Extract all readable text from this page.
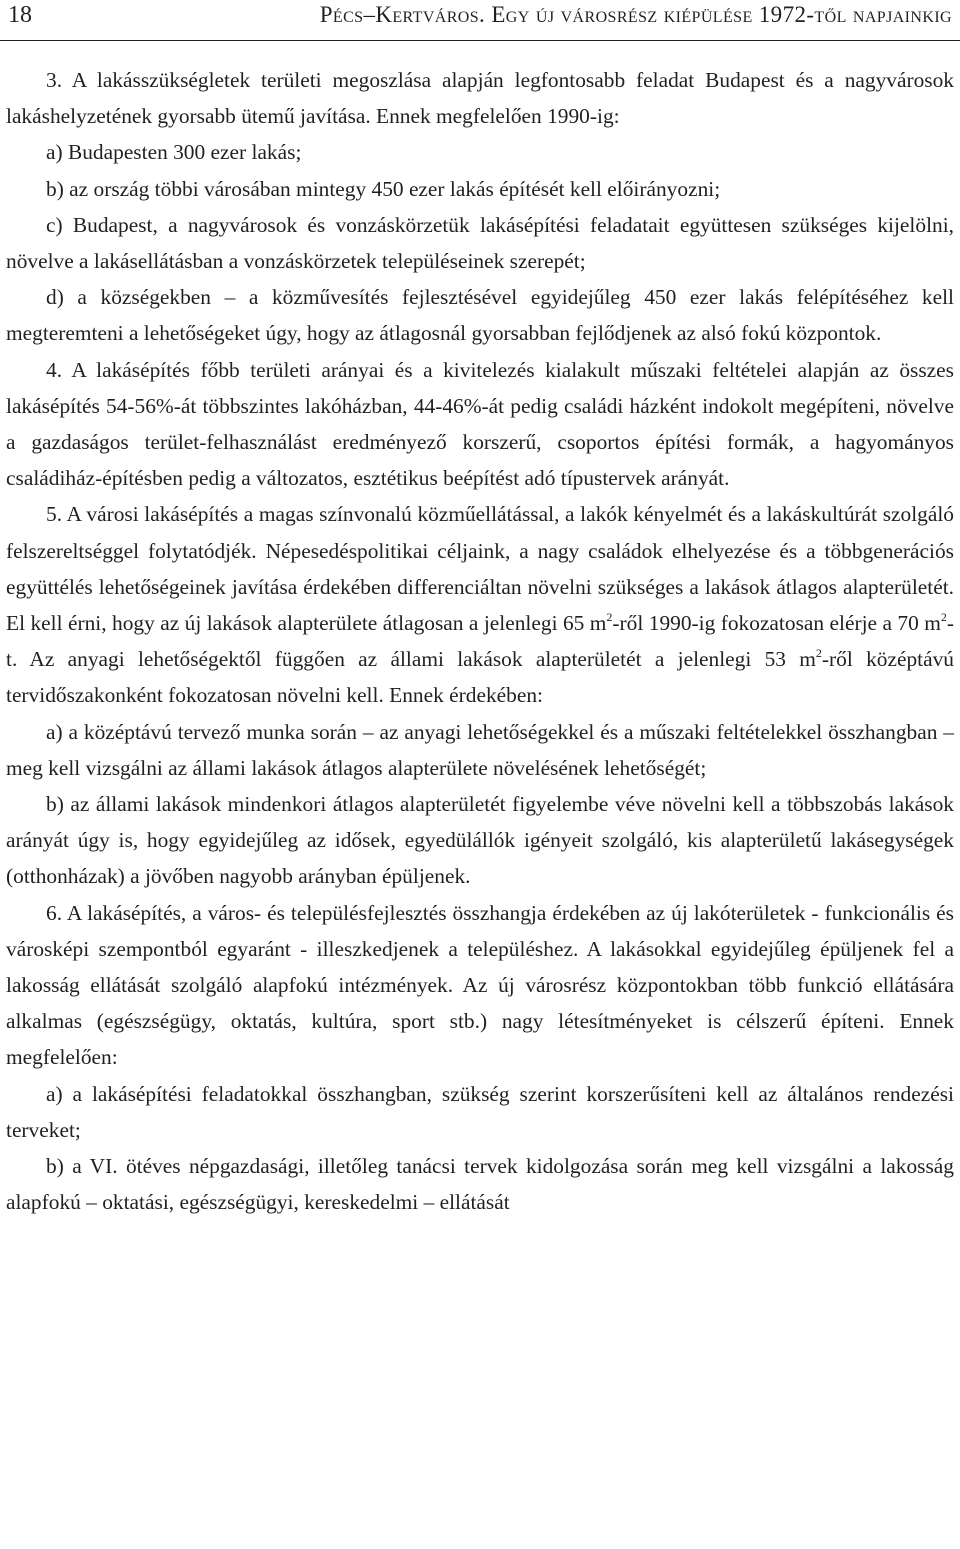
18	Pécs–Kertváros. Egy új városrész kiépülése 1972-től napjainkig

3. A lakásszükségletek területi megoszlása alapján legfontosabb feladat Budapest és a nagyvárosok lakáshelyzetének gyorsabb ütemű javítása. Ennek megfelelően 1990-ig:

a) Budapesten 300 ezer lakás;

b) az ország többi városában mintegy 450 ezer lakás építését kell előirányozni;

c) Budapest, a nagyvárosok és vonzáskörzetük lakásépítési feladatait együttesen szükséges kijelölni, növelve a lakásellátásban a vonzáskörzetek településeinek szerepét;

d) a községekben – a közművesítés fejlesztésével egyidejűleg 450 ezer lakás felépítéséhez kell megteremteni a lehetőségeket úgy, hogy az átlagosnál gyorsabban fejlődjenek az alsó fokú központok.

4. A lakásépítés főbb területi arányai és a kivitelezés kialakult műszaki feltételei alapján az összes lakásépítés 54-56%-át többszintes lakóházban, 44-46%-át pedig családi házként indokolt megépíteni, növelve a gazdaságos terület-felhasználást eredményező korszerű, csoportos építési formák, a hagyományos családiház-építésben pedig a változatos, esztétikus beépítést adó típustervek arányát.

5. A városi lakásépítés a magas színvonalú közműellátással, a lakók kényelmét és a lakáskultúrát szolgáló felszereltséggel folytatódjék. Népesedéspolitikai céljaink, a nagy családok elhelyezése és a többgenerációs együttélés lehetőségeinek javítása érdekében differenciáltan növelni szükséges a lakások átlagos alapterületét. El kell érni, hogy az új lakások alapterülete átlagosan a jelenlegi 65 $m^2$-ről 1990-ig fokozatosan elérje a 70 $m^2-t$. Az anyagi lehetőségektől függően az állami lakások alapterületét a jelenlegi 53 $m^2$-ről középtávú tervidőszakonként fokozatosan növelni kell. Ennek érdekében:

a) a középtávú tervező munka során – az anyagi lehetőségekkel és a műszaki feltételekkel összhangban – meg kell vizsgálni az állami lakások átlagos alapterülete növelésének lehetőségét;

b) az állami lakások mindenkori átlagos alapterületét figyelembe véve növelni kell a többszobás lakások arányát úgy is, hogy egyidejűleg az idősek, egyedülállók igényeit szolgáló, kis alapterületű lakásegységek (otthonházak) a jövőben nagyobb arányban épüljenek.

6. A lakásépítés, a város- és településfejlesztés összhangja érdekében az új lakóterületek - funkcionális és városképi szempontból egyaránt - illeszkedjenek a településhez. A lakásokkal egyidejűleg épüljenek fel a lakosság ellátását szolgáló alapfokú intézmények. Az új városrész központokban több funkció ellátására alkalmas (egészségügy, oktatás, kultúra, sport stb.) nagy létesítményeket is célszerű építeni. Ennek megfelelően:

a) a lakásépítési feladatokkal összhangban, szükség szerint korszerűsíteni kell az általános rendezési terveket;

b) a VI. ötéves népgazdasági, illetőleg tanácsi tervek kidolgozása során meg kell vizsgálni a lakosság alapfokú – oktatási, egészségügyi, kereskedelmi – ellátását
